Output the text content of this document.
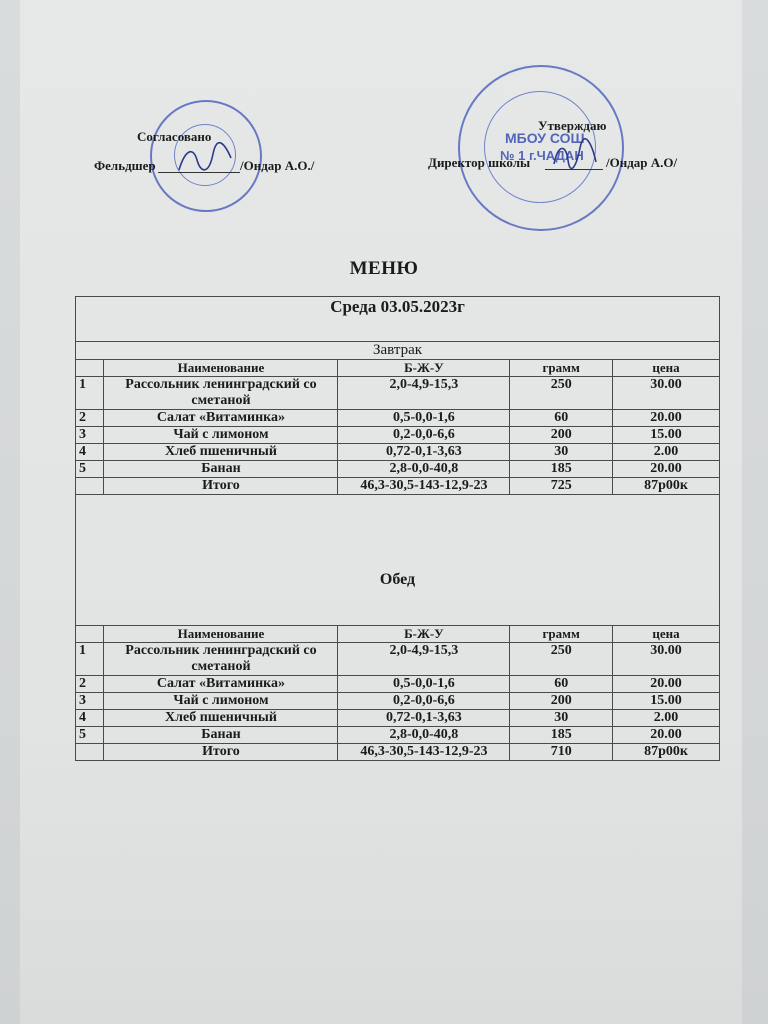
МБОУ СОШ
№ 1 г.ЧАДАН
Согласовано
Фельдшер	/Ондар А.О./
Утверждаю
Директор школы	/Ондар А.О/
МЕНЮ
Среда 03.05.2023г				
Завтрак				
	Наименование	Б-Ж-У	грамм	цена
1	Рассольник ленинградский со сметаной	2,0-4,9-15,3	250	30.00
2	Салат «Витаминка»	0,5-0,0-1,6	60	20.00
3	Чай с лимоном	0,2-0,0-6,6	200	15.00
4	Хлеб пшеничный	0,72-0,1-3,63	30	2.00
5	Банан	2,8-0,0-40,8	185	20.00
	Итого	46,3-30,5-143-12,9-23	725	87р00к

Обед				

	Наименование	Б-Ж-У	грамм	цена
1	Рассольник ленинградский со сметаной	2,0-4,9-15,3	250	30.00
2	Салат «Витаминка»	0,5-0,0-1,6	60	20.00
3	Чай с лимоном	0,2-0,0-6,6	200	15.00
4	Хлеб пшеничный	0,72-0,1-3,63	30	2.00
5	Банан	2,8-0,0-40,8	185	20.00
	Итого	46,3-30,5-143-12,9-23	710	87р00к
